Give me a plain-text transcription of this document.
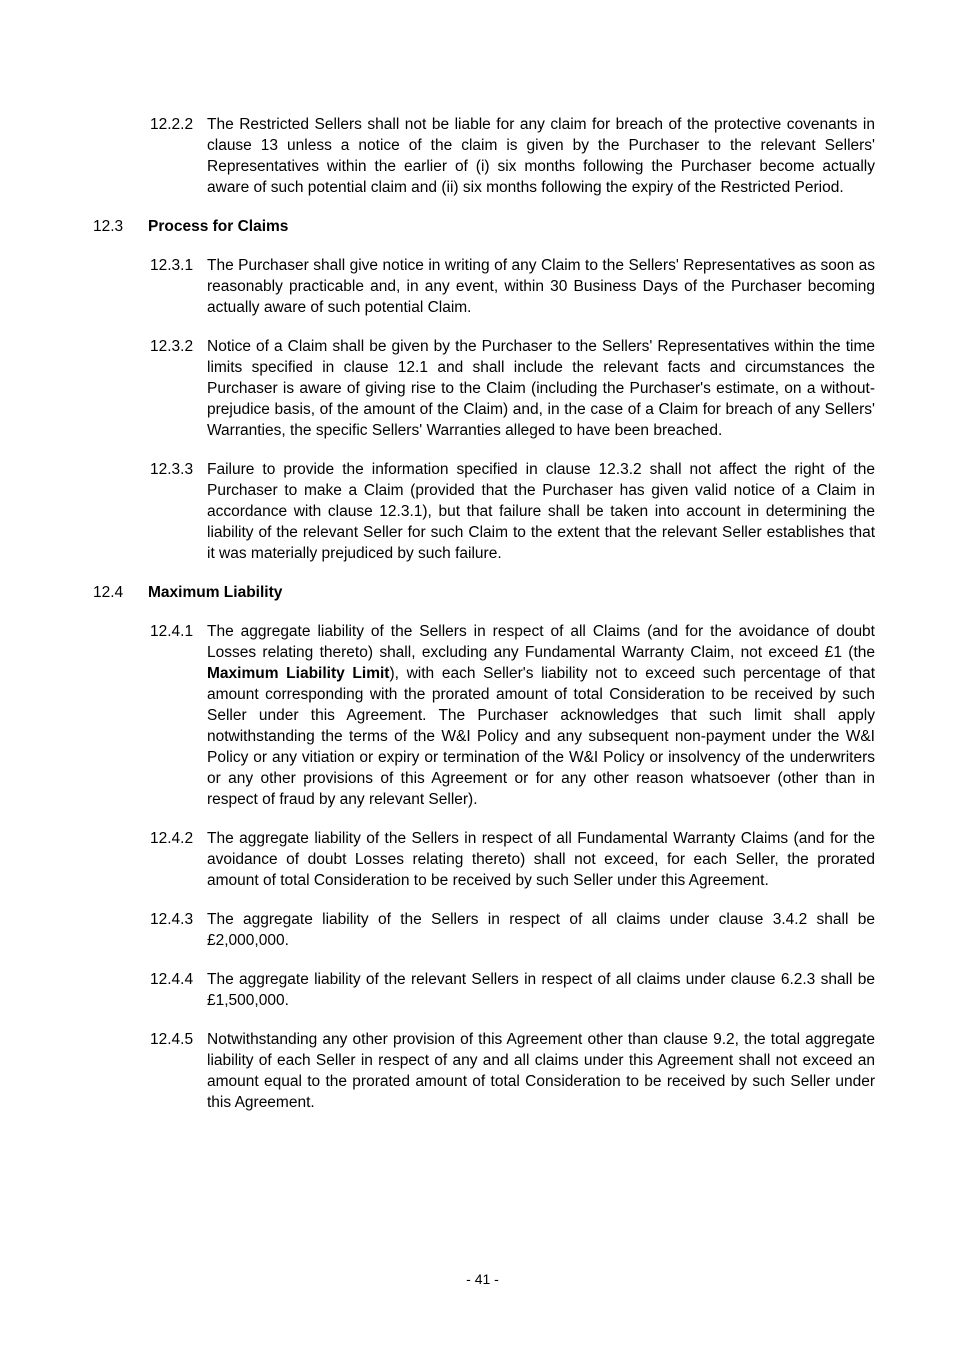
12.2.2 The Restricted Sellers shall not be liable for any claim for breach of the protective covenants in clause 13 unless a notice of the claim is given by the Purchaser to the relevant Sellers' Representatives within the earlier of (i) six months following the Purchaser become actually aware of such potential claim and (ii) six months following the expiry of the Restricted Period.
12.3	Process for Claims
12.3.1 The Purchaser shall give notice in writing of any Claim to the Sellers' Representatives as soon as reasonably practicable and, in any event, within 30 Business Days of the Purchaser becoming actually aware of such potential Claim.
12.3.2 Notice of a Claim shall be given by the Purchaser to the Sellers' Representatives within the time limits specified in clause 12.1 and shall include the relevant facts and circumstances the Purchaser is aware of giving rise to the Claim (including the Purchaser's estimate, on a without-prejudice basis, of the amount of the Claim) and, in the case of a Claim for breach of any Sellers' Warranties, the specific Sellers' Warranties alleged to have been breached.
12.3.3 Failure to provide the information specified in clause 12.3.2 shall not affect the right of the Purchaser to make a Claim (provided that the Purchaser has given valid notice of a Claim in accordance with clause 12.3.1), but that failure shall be taken into account in determining the liability of the relevant Seller for such Claim to the extent that the relevant Seller establishes that it was materially prejudiced by such failure.
12.4	Maximum Liability
12.4.1 The aggregate liability of the Sellers in respect of all Claims (and for the avoidance of doubt Losses relating thereto) shall, excluding any Fundamental Warranty Claim, not exceed £1 (the Maximum Liability Limit), with each Seller's liability not to exceed such percentage of that amount corresponding with the prorated amount of total Consideration to be received by such Seller under this Agreement. The Purchaser acknowledges that such limit shall apply notwithstanding the terms of the W&I Policy and any subsequent non-payment under the W&I Policy or any vitiation or expiry or termination of the W&I Policy or insolvency of the underwriters or any other provisions of this Agreement or for any other reason whatsoever (other than in respect of fraud by any relevant Seller).
12.4.2 The aggregate liability of the Sellers in respect of all Fundamental Warranty Claims (and for the avoidance of doubt Losses relating thereto) shall not exceed, for each Seller, the prorated amount of total Consideration to be received by such Seller under this Agreement.
12.4.3 The aggregate liability of the Sellers in respect of all claims under clause 3.4.2 shall be £2,000,000.
12.4.4 The aggregate liability of the relevant Sellers in respect of all claims under clause 6.2.3 shall be £1,500,000.
12.4.5 Notwithstanding any other provision of this Agreement other than clause 9.2, the total aggregate liability of each Seller in respect of any and all claims under this Agreement shall not exceed an amount equal to the prorated amount of total Consideration to be received by such Seller under this Agreement.
- 41 -
